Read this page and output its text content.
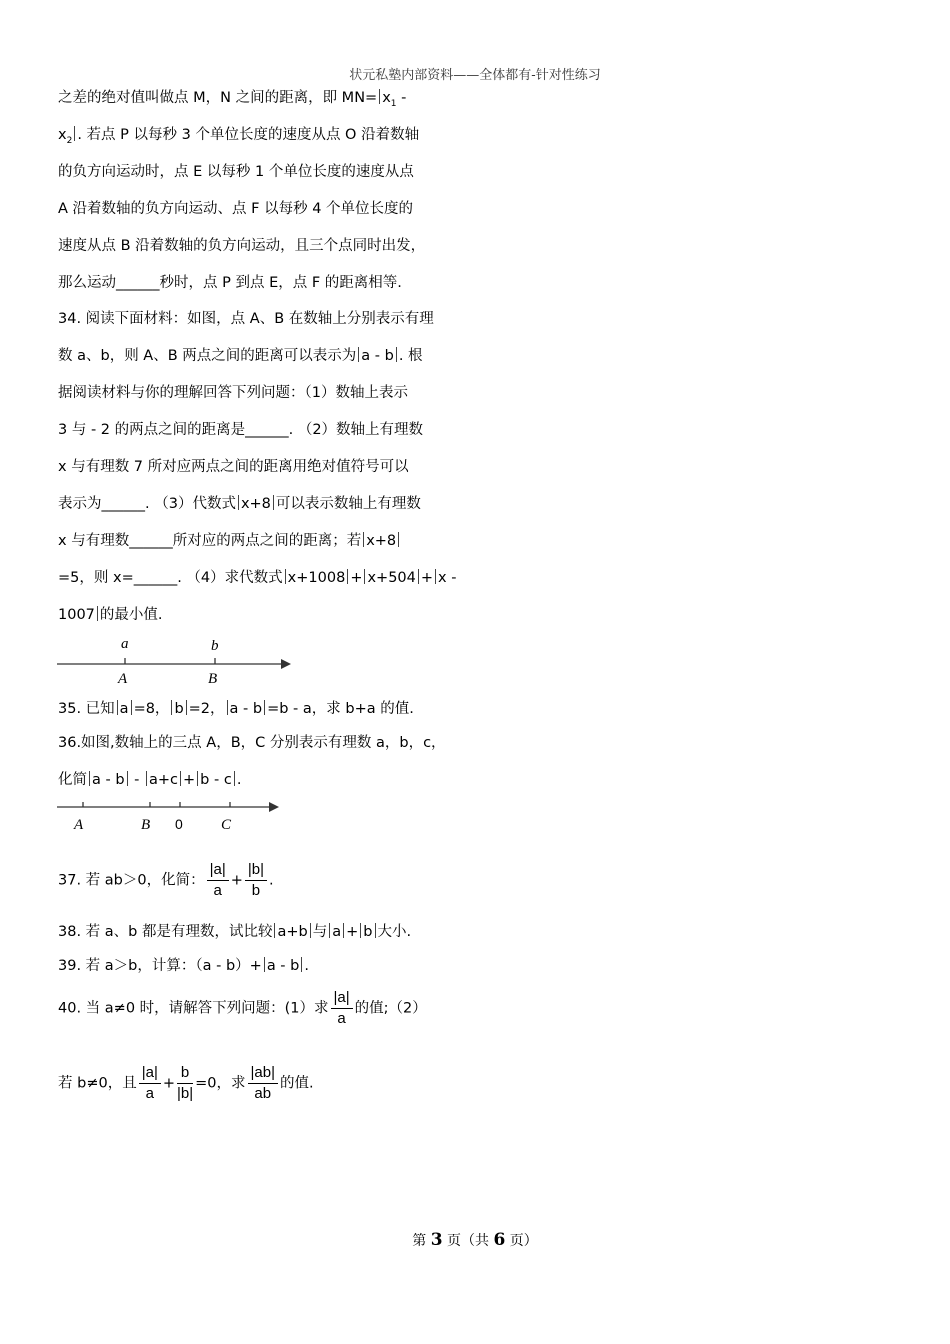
状元私塾内部资料——全体都有-针对性练习
之差的绝对值叫做点 M，N 之间的距离，即 $MN= x_1$ -
$x_2$ . 若点 P 以每秒 3 个单位长度的速度从点 O 沿着数轴
的负方向运动时，点 E 以每秒 1 个单位长度的速度从点
A 沿着数轴的负方向运动、点 F 以每秒 4 个单位长度的
速度从点 B 沿着数轴的负方向运动，且三个点同时出发，
那么运动______秒时，点 P 到点 E，点 F 的距离相等.
34. 阅读下面材料：如图，点 A、B 在数轴上分别表示有理
数 a、b，则 A、B 两点之间的距离可以表示为 a - b . 根
据阅读材料与你的理解回答下列问题：（1）数轴上表示
3 与 - 2 的两点之间的距离是______. （2）数轴上有理数
x 与有理数 7 所对应两点之间的距离用绝对值符号可以
表示为______. （3）代数式 x+8 可以表示数轴上有理数
x 与有理数______所对应的两点之间的距离；若 x+8
=5，则 x=______. （4）求代数式 x+1008 + x+504 + x -
1007 的最小值.
a	b
A	B
35. 已知 a =8， b =2， a - b =b - a，求 b+a 的值.
36.如图,数轴上的三点 A，B，C 分别表示有理数 a，b，c，
化简 a - b - a+c + b - c .
A	B 0	C
37. 若 ab＞0，化简： $\frac{|a|}{a} + \frac{|b|}{b}$ .
38. 若 a、b 都是有理数，试比较 a+b 与 a + b 大小.
39. 若 a＞b，计算：（a - b）+ a - b .
40. 当 a≠0 时，请解答下列问题：(1）求 $\frac{|a|}{a}$ 的值;（2）
若 b≠0，且 $\frac{|a|}{a} + \frac{b}{|b|} =0$，求 $\frac{|ab|}{ab}$ 的值.
第 3 页（共 6 页）
